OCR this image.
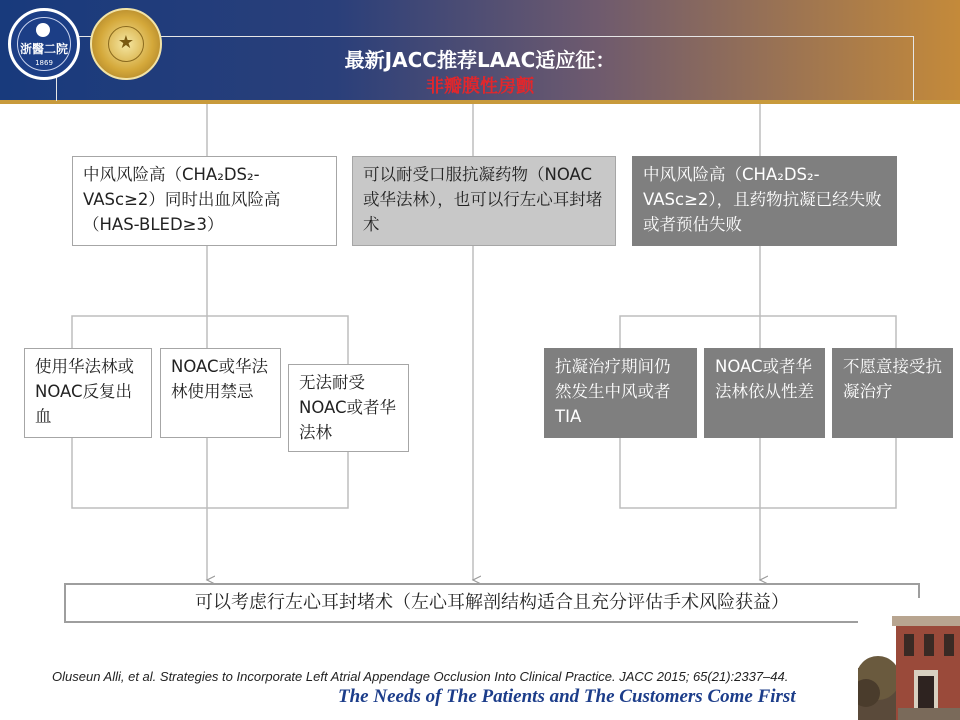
浙醫二院
1869
★
最新JACC推荐LAAC适应征：
非瓣膜性房颤
中风风险高（CHA₂DS₂-VASc≥2）同时出血风险高（HAS-BLED≥3）
可以耐受口服抗凝药物（NOAC或华法林），也可以行左心耳封堵术
中风风险高（CHA₂DS₂-VASc≥2），且药物抗凝已经失败或者预估失败
使用华法林或NOAC反复出血
NOAC或华法林使用禁忌	无法耐受NOAC或者华法林
抗凝治疗期间仍然发生中风或者TIA
NOAC或者华法林依从性差
不愿意接受抗凝治疗
可以考虑行左心耳封堵术（左心耳解剖结构适合且充分评估手术风险获益）
Oluseun Alli, et al. Strategies to Incorporate Left Atrial Appendage Occlusion Into Clinical Practice. JACC 2015; 65(21):2337–44.
The Needs of The Patients and The Customers Come First
